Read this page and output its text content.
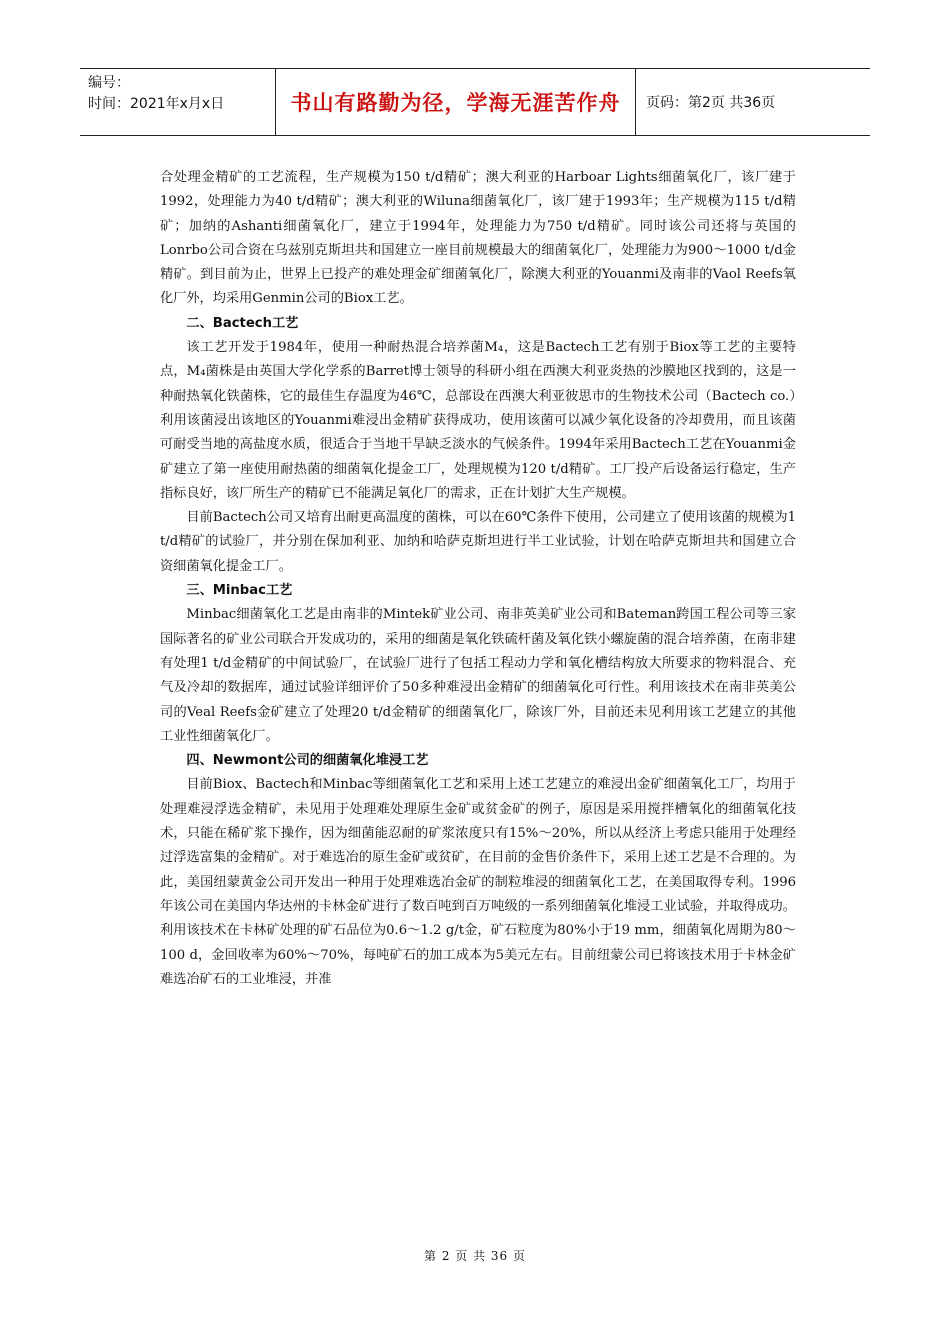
编号：
时间：2021年x月x日	书山有路勤为径，学海无涯苦作舟	页码：第2页 共36页

合处理金精矿的工艺流程，生产规模为150 t/d精矿；澳大利亚的Harboar Lights细菌氧化厂，该厂建于1992，处理能力为40 t/d精矿；澳大利亚的Wiluna细菌氧化厂，该厂建于1993年；生产规模为115 t/d精矿；加纳的Ashanti细菌氧化厂，建立于1994年，处理能力为750 t/d精矿。同时该公司还将与英国的Lonrbo公司合资在乌兹别克斯坦共和国建立一座目前规模最大的细菌氧化厂，处理能力为900～1000 t/d金精矿。到目前为止，世界上已投产的难处理金矿细菌氧化厂，除澳大利亚的Youanmi及南非的Vaol Reefs氧化厂外，均采用Genmin公司的Biox工艺。

二、Bactech工艺

该工艺开发于1984年，使用一种耐热混合培养菌M₄，这是Bactech工艺有别于Biox等工艺的主要特点，M₄菌株是由英国大学化学系的Barret博士领导的科研小组在西澳大利亚炎热的沙膜地区找到的，这是一种耐热氧化铁菌株，它的最佳生存温度为46℃，总部设在西澳大利亚彼思市的生物技术公司（Bactech co.）利用该菌浸出该地区的Youanmi难浸出金精矿获得成功，使用该菌可以减少氧化设备的冷却费用，而且该菌可耐受当地的高盐度水质，很适合于当地干旱缺乏淡水的气候条件。1994年采用Bactech工艺在Youanmi金矿建立了第一座使用耐热菌的细菌氧化提金工厂，处理规模为120 t/d精矿。工厂投产后设备运行稳定，生产指标良好，该厂所生产的精矿已不能满足氧化厂的需求，正在计划扩大生产规模。

目前Bactech公司又培育出耐更高温度的菌株，可以在60℃条件下使用，公司建立了使用该菌的规模为1 t/d精矿的试验厂，并分别在保加利亚、加纳和哈萨克斯坦进行半工业试验，计划在哈萨克斯坦共和国建立合资细菌氧化提金工厂。

三、Minbac工艺

Minbac细菌氧化工艺是由南非的Mintek矿业公司、南非英美矿业公司和Bateman跨国工程公司等三家国际著名的矿业公司联合开发成功的，采用的细菌是氧化铁硫杆菌及氧化铁小螺旋菌的混合培养菌，在南非建有处理1 t/d金精矿的中间试验厂，在试验厂进行了包括工程动力学和氧化槽结构放大所要求的物料混合、充气及冷却的数据库，通过试验详细评价了50多种难浸出金精矿的细菌氧化可行性。利用该技术在南非英美公司的Veal Reefs金矿建立了处理20 t/d金精矿的细菌氧化厂，除该厂外，目前还未见利用该工艺建立的其他工业性细菌氧化厂。

四、Newmont公司的细菌氧化堆浸工艺

目前Biox、Bactech和Minbac等细菌氧化工艺和采用上述工艺建立的难浸出金矿细菌氧化工厂，均用于处理难浸浮选金精矿，未见用于处理难处理原生金矿或贫金矿的例子，原因是采用搅拌槽氧化的细菌氧化技术，只能在稀矿浆下操作，因为细菌能忍耐的矿浆浓度只有15%～20%，所以从经济上考虑只能用于处理经过浮选富集的金精矿。对于难选冶的原生金矿或贫矿，在目前的金售价条件下，采用上述工艺是不合理的。为此，美国纽蒙黄金公司开发出一种用于处理难选冶金矿的制粒堆浸的细菌氧化工艺，在美国取得专利。1996年该公司在美国内华达州的卡林金矿进行了数百吨到百万吨级的一系列细菌氧化堆浸工业试验，并取得成功。利用该技术在卡林矿处理的矿石品位为0.6～1.2 g/t金，矿石粒度为80%小于19 mm，细菌氧化周期为80～100 d，金回收率为60%～70%，每吨矿石的加工成本为5美元左右。目前纽蒙公司已将该技术用于卡林金矿难选冶矿石的工业堆浸，并准

第 2 页 共 36 页
